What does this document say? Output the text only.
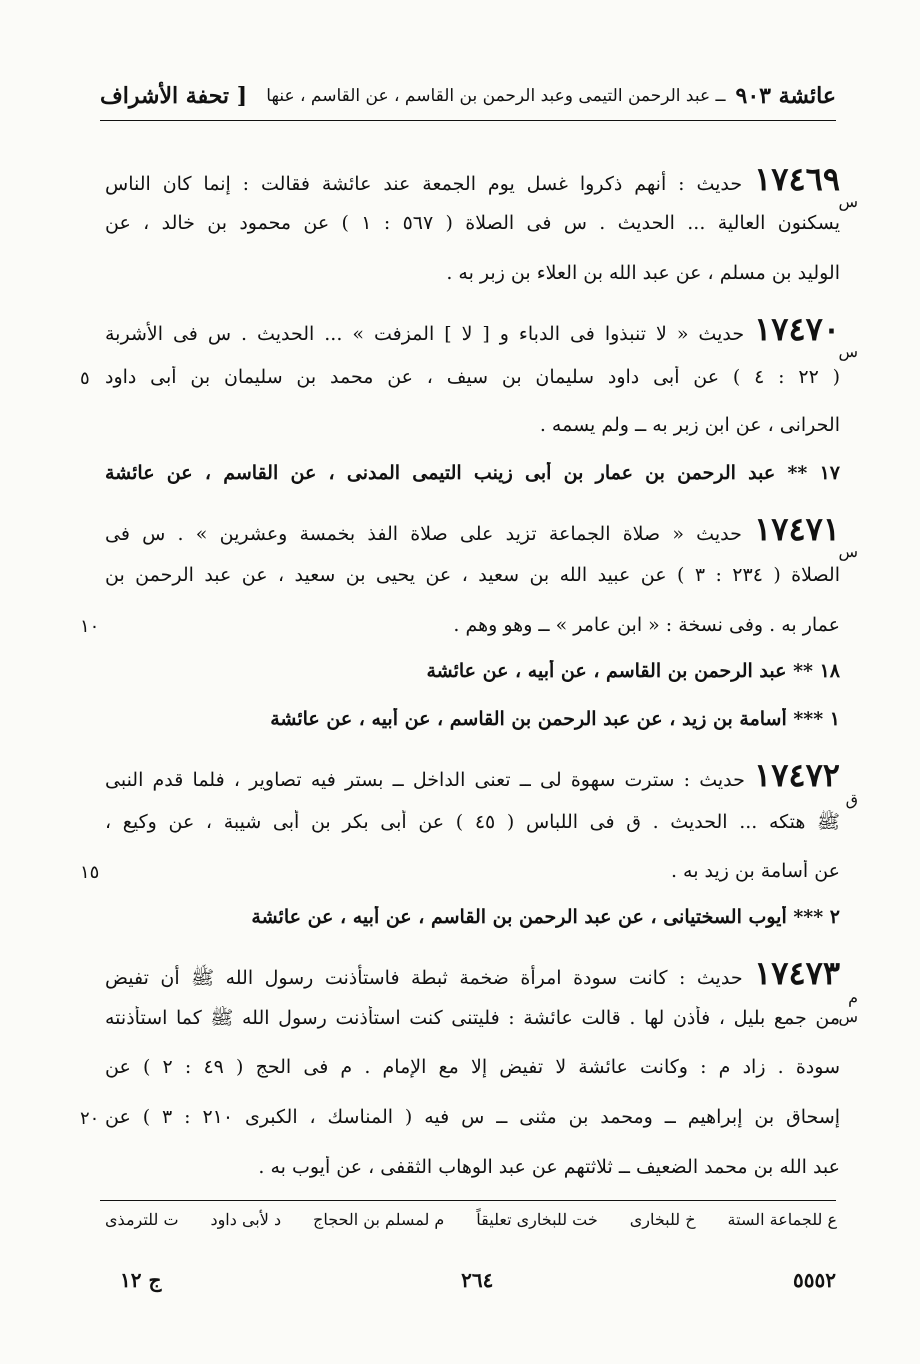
عائشة ٩٠٣
ــ عبد الرحمن التيمى وعبد الرحمن بن القاسم ، عن القاسم ، عنها
[ تحفة الأشراف
١٧٤٦٩ حديث : أنهم ذكروا غسل يوم الجمعة عند عائشة فقالت : إنما كان الناس
يسكنون العالية ... الحديث . س فى الصلاة ( ٥٦٧ : ١ ) عن محمود بن خالد ، عن
الوليد بن مسلم ، عن عبد الله بن العلاء بن زبر به .
١٧٤٧٠ حديث « لا تنبذوا فى الدباء و [ لا ] المزفت » ... الحديث . س فى الأشربة
( ٢٢ : ٤ ) عن أبى داود سليمان بن سيف ، عن محمد بن سليمان بن أبى داود
الحرانى ، عن ابن زبر به ــ ولم يسمه .
١٧ ** عبد الرحمن بن عمار بن أبى زينب التيمى المدنى ، عن القاسم ، عن عائشة
١٧٤٧١ حديث « صلاة الجماعة تزيد على صلاة الفذ بخمسة وعشرين » . س فى
الصلاة ( ٢٣٤ : ٣ ) عن عبيد الله بن سعيد ، عن يحيى بن سعيد ، عن عبد الرحمن بن
عمار به . وفى نسخة : « ابن عامر » ــ وهو وهم .
١٨ ** عبد الرحمن بن القاسم ، عن أبيه ، عن عائشة
١ *** أسامة بن زيد ، عن عبد الرحمن بن القاسم ، عن أبيه ، عن عائشة
١٧٤٧٢ حديث : سترت سهوة لى ــ تعنى الداخل ــ بستر فيه تصاوير ، فلما قدم النبى
ﷺ هتكه ... الحديث . ق فى اللباس ( ٤٥ ) عن أبى بكر بن أبى شيبة ، عن وكيع ،
عن أسامة بن زيد به .
٢ *** أيوب السختيانى ، عن عبد الرحمن بن القاسم ، عن أبيه ، عن عائشة
١٧٤٧٣ حديث : كانت سودة امرأة ضخمة ثبطة فاستأذنت رسول الله ﷺ أن تفيض
من جمع بليل ، فأذن لها . قالت عائشة : فليتنى كنت استأذنت رسول الله ﷺ كما استأذنته
سودة . زاد م : وكانت عائشة لا تفيض إلا مع الإمام . م فى الحج ( ٤٩ : ٢ ) عن
إسحاق بن إبراهيم ــ ومحمد بن مثنى ــ س فيه ( المناسك ، الكبرى ٢١٠ : ٣ ) عن
عبد الله بن محمد الضعيف ــ ثلاثتهم عن عبد الوهاب الثقفى ، عن أيوب به .
س
س
س
ق
م س
٥
١٠
١٥
٢٠
ع للجماعة الستة
خ للبخارى
خت للبخارى تعليقاً
م لمسلم بن الحجاج
د لأبى داود
ت للترمذى
٥٥٥٢
٢٦٤
ج ١٢
